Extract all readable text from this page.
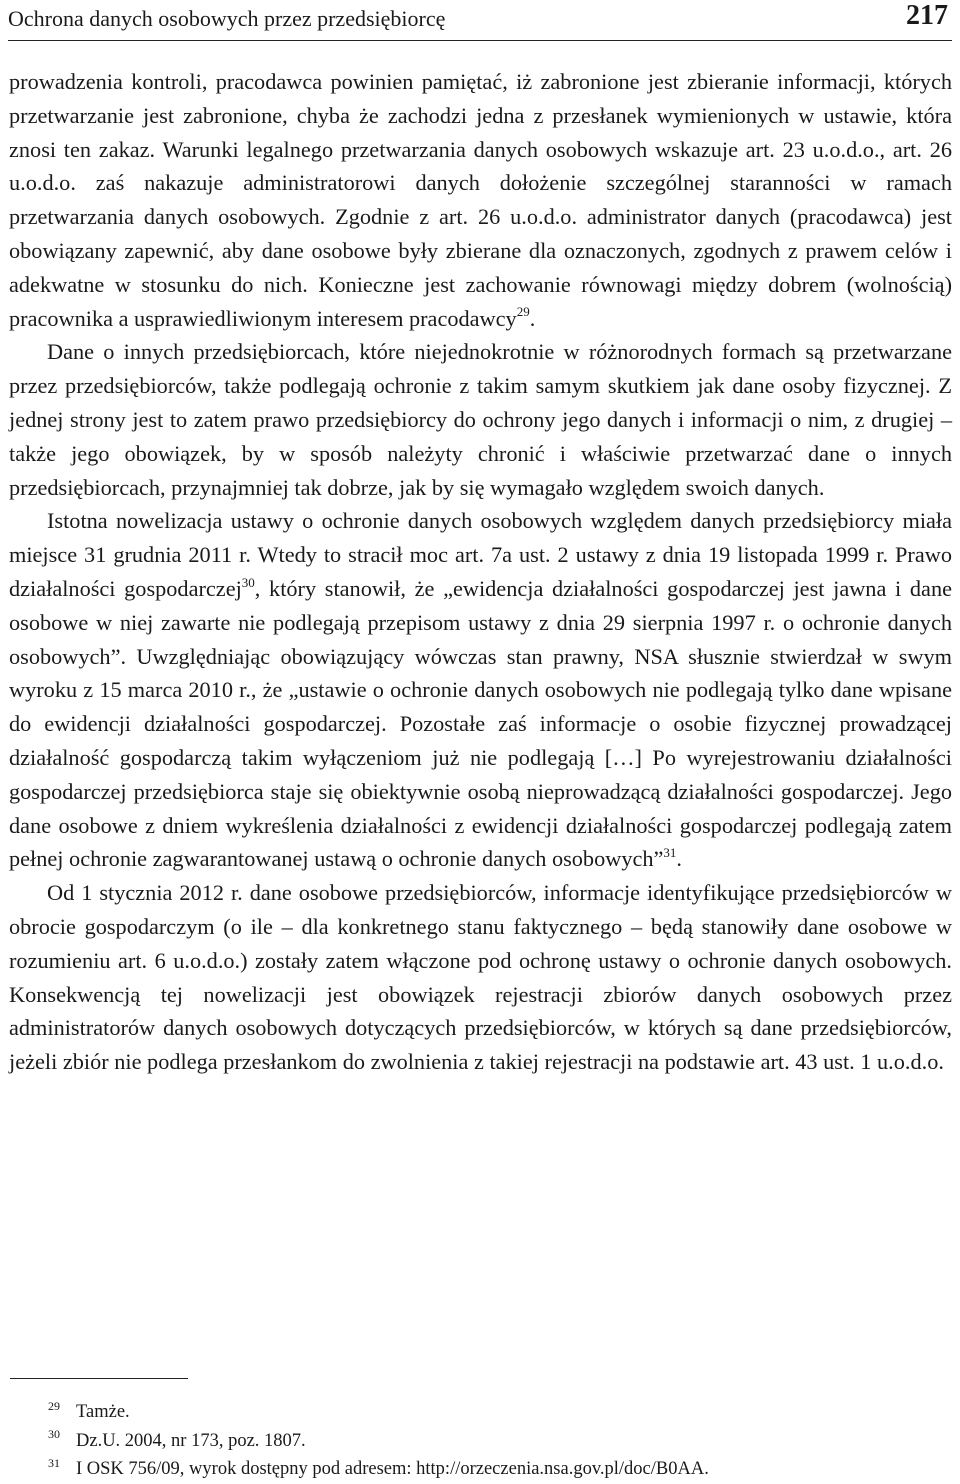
Ochrona danych osobowych przez przedsiębiorcę	217

prowadzenia kontroli, pracodawca powinien pamiętać, iż zabronione jest zbieranie informacji, których przetwarzanie jest zabronione, chyba że zachodzi jedna z przesłanek wymienionych w ustawie, która znosi ten zakaz. Warunki legalnego przetwarzania danych osobowych wskazuje art. 23 u.o.d.o., art. 26 u.o.d.o. zaś nakazuje administratorowi danych dołożenie szczególnej staranności w ramach przetwarzania danych osobowych. Zgodnie z art. 26 u.o.d.o. administrator danych (pracodawca) jest obowiązany zapewnić, aby dane osobowe były zbierane dla oznaczonych, zgodnych z prawem celów i adekwatne w stosunku do nich. Konieczne jest zachowanie równowagi między dobrem (wolnością) pracownika a usprawiedliwionym interesem pracodawcy$^{29}$.

Dane o innych przedsiębiorcach, które niejednokrotnie w różnorodnych formach są przetwarzane przez przedsiębiorców, także podlegają ochronie z takim samym skutkiem jak dane osoby fizycznej. Z jednej strony jest to zatem prawo przedsiębiorcy do ochrony jego danych i informacji o nim, z drugiej – także jego obowiązek, by w sposób należyty chronić i właściwie przetwarzać dane o innych przedsiębiorcach, przynajmniej tak dobrze, jak by się wymagało względem swoich danych.

Istotna nowelizacja ustawy o ochronie danych osobowych względem danych przedsiębiorcy miała miejsce 31 grudnia 2011 r. Wtedy to stracił moc art. 7a ust. 2 ustawy z dnia 19 listopada 1999 r. Prawo działalności gospodarczej$^{30}$, który stanowił, że „ewidencja działalności gospodarczej jest jawna i dane osobowe w niej zawarte nie podlegają przepisom ustawy z dnia 29 sierpnia 1997 r. o ochronie danych osobowych”. Uwzględniając obowiązujący wówczas stan prawny, NSA słusznie stwierdzał w swym wyroku z 15 marca 2010 r., że „ustawie o ochronie danych osobowych nie podlegają tylko dane wpisane do ewidencji działalności gospodarczej. Pozostałe zaś informacje o osobie fizycznej prowadzącej działalność gospodarczą takim wyłączeniom już nie podlegają […] Po wyrejestrowaniu działalności gospodarczej przedsiębiorca staje się obiektywnie osobą nieprowadzącą działalności gospodarczej. Jego dane osobowe z dniem wykreślenia działalności z ewidencji działalności gospodarczej podlegają zatem pełnej ochronie zagwarantowanej ustawą o ochronie danych osobowych”$^{31}$.

Od 1 stycznia 2012 r. dane osobowe przedsiębiorców, informacje identyfikujące przedsiębiorców w obrocie gospodarczym (o ile – dla konkretnego stanu faktycznego – będą stanowiły dane osobowe w rozumieniu art. 6 u.o.d.o.) zostały zatem włączone pod ochronę ustawy o ochronie danych osobowych. Konsekwencją tej nowelizacji jest obowiązek rejestracji zbiorów danych osobowych przez administratorów danych osobowych dotyczących przedsiębiorców, w których są dane przedsiębiorców, jeżeli zbiór nie podlega przesłankom do zwolnienia z takiej rejestracji na podstawie art. 43 ust. 1 u.o.d.o.

29 Tamże.
30 Dz.U. 2004, nr 173, poz. 1807.
31 I OSK 756/09, wyrok dostępny pod adresem: http://orzeczenia.nsa.gov.pl/doc/B0AA.
